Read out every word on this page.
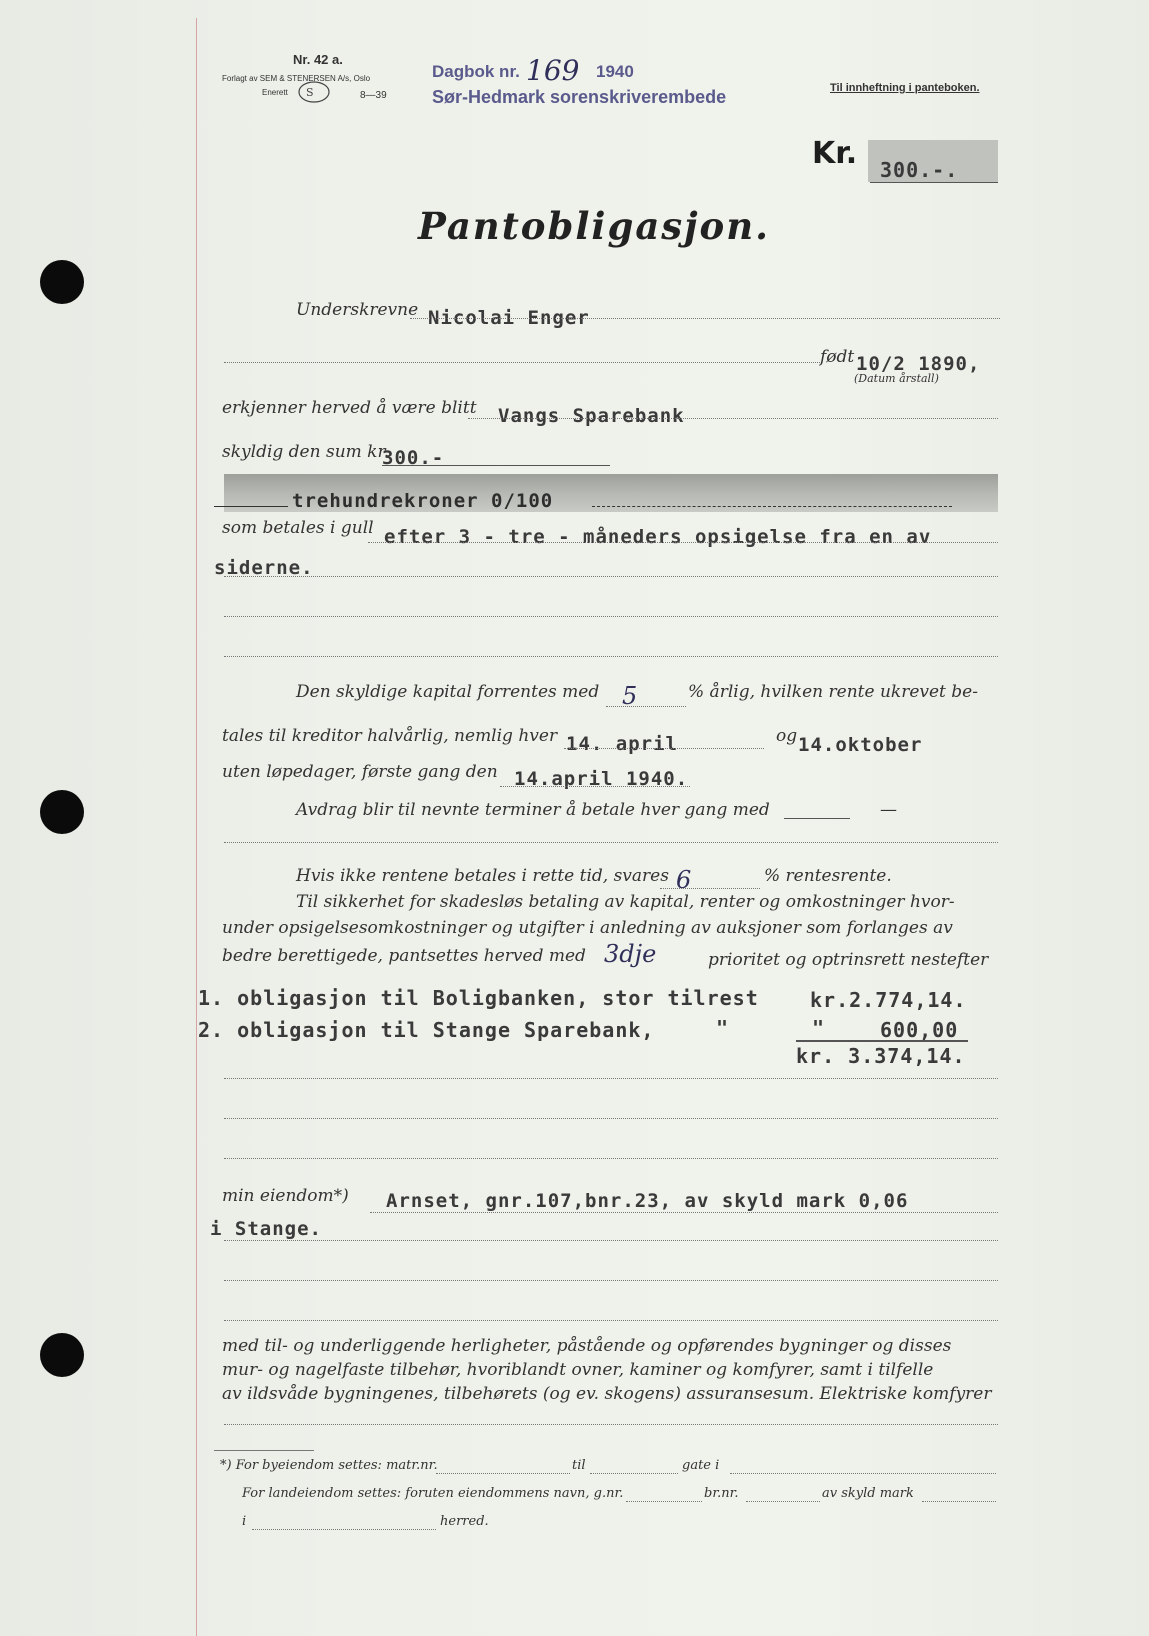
Nr. 42 a.
Forlagt av SEM & STENERSEN A/s, Oslo
Enerett S	8—39
Dagbok nr. 169 1940
Sør-Hedmark sorenskriverembede	Til innheftning i panteboken.
Kr. 300.-.
Pantobligasjon.
Underskrevne Nicolai Enger
født 10/2 1890,
(Datum årstall)
erkjenner herved å være blitt Vangs Sparebank
skyldig den sum kr.
300.-
trehundrekroner 0/100
som betales i gull efter 3 - tre - måneders opsigelse fra en av
siderne.
Den skyldige kapital forrentes med 5	% årlig, hvilken rente ukrevet be-
tales til kreditor halvårlig, nemlig hver 14. april	og 14.oktober
uten løpedager, første gang den 14.april 1940.
Avdrag blir til nevnte terminer å betale hver gang med	—
Hvis ikke rentene betales i rette tid, svares 6	% rentesrente.
Til sikkerhet for skadesløs betaling av kapital, renter og omkostninger hvor-
under opsigelsesomkostninger og utgifter i anledning av auksjoner som forlanges av
bedre berettigede, pantsettes herved med 3dje	prioritet og optrinsrett nestefter
1. obligasjon til Boligbanken, stor tilrest	kr.2.774,14.
2. obligasjon til Stange Sparebank,	"	"	600,00
kr. 3.374,14.
min eiendom*) Arnset, gnr.107,bnr.23, av skyld mark 0,06
i Stange.
med til- og underliggende herligheter, påstående og opførendes bygninger og disses
mur- og nagelfaste tilbehør, hvoriblandt ovner, kaminer og komfyrer, samt i tilfelle
av ildsvåde bygningenes, tilbehørets (og ev. skogens) assuransesum. Elektriske komfyrer
*) For byeiendom settes: matr.nr.	til	gate i
For landeiendom settes: foruten eiendommens navn, g.nr.	br.nr.	av skyld mark
i	herred.
